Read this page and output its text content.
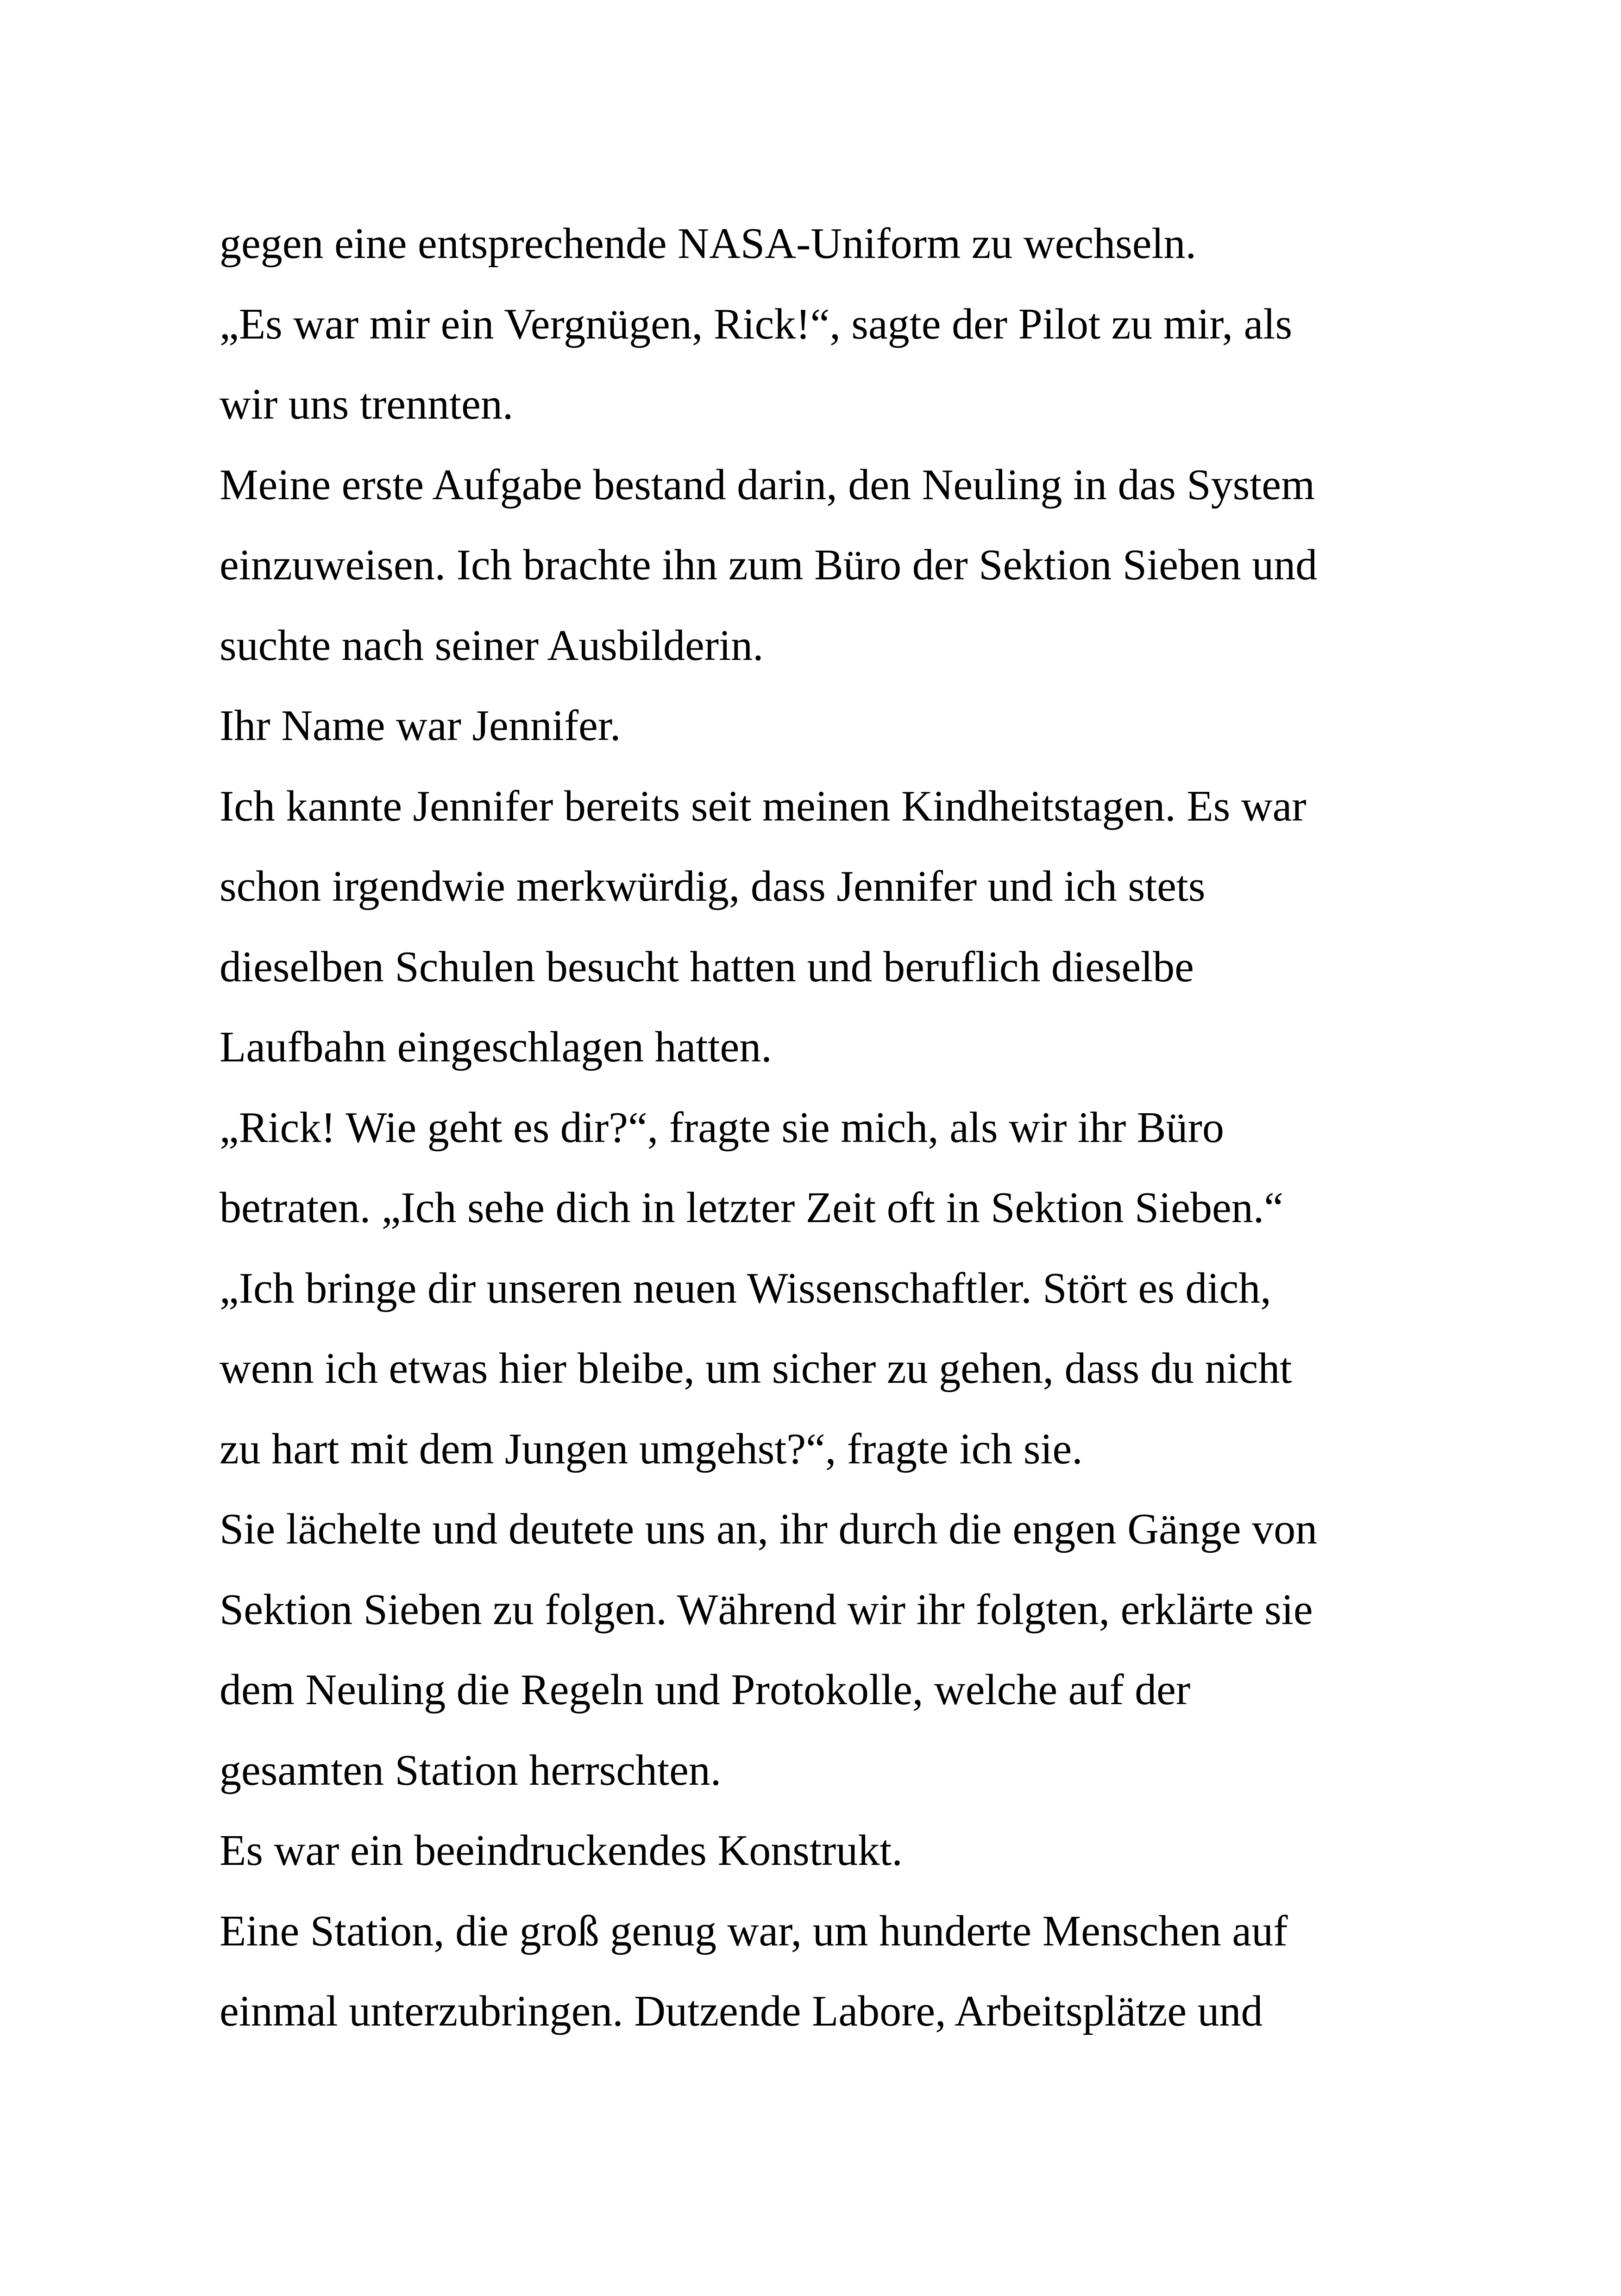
gegen eine entsprechende NASA-Uniform zu wechseln.
„Es war mir ein Vergnügen, Rick!“, sagte der Pilot zu mir, als
wir uns trennten.
Meine erste Aufgabe bestand darin, den Neuling in das System
einzuweisen. Ich brachte ihn zum Büro der Sektion Sieben und
suchte nach seiner Ausbilderin.
Ihr Name war Jennifer.
Ich kannte Jennifer bereits seit meinen Kindheitstagen. Es war
schon irgendwie merkwürdig, dass Jennifer und ich stets
dieselben Schulen besucht hatten und beruflich dieselbe
Laufbahn eingeschlagen hatten.
„Rick! Wie geht es dir?“, fragte sie mich, als wir ihr Büro
betraten. „Ich sehe dich in letzter Zeit oft in Sektion Sieben.“
„Ich bringe dir unseren neuen Wissenschaftler. Stört es dich,
wenn ich etwas hier bleibe, um sicher zu gehen, dass du nicht
zu hart mit dem Jungen umgehst?“, fragte ich sie.
Sie lächelte und deutete uns an, ihr durch die engen Gänge von
Sektion Sieben zu folgen. Während wir ihr folgten, erklärte sie
dem Neuling die Regeln und Protokolle, welche auf der
gesamten Station herrschten.
Es war ein beeindruckendes Konstrukt.
Eine Station, die groß genug war, um hunderte Menschen auf
einmal unterzubringen. Dutzende Labore, Arbeitsplätze und
